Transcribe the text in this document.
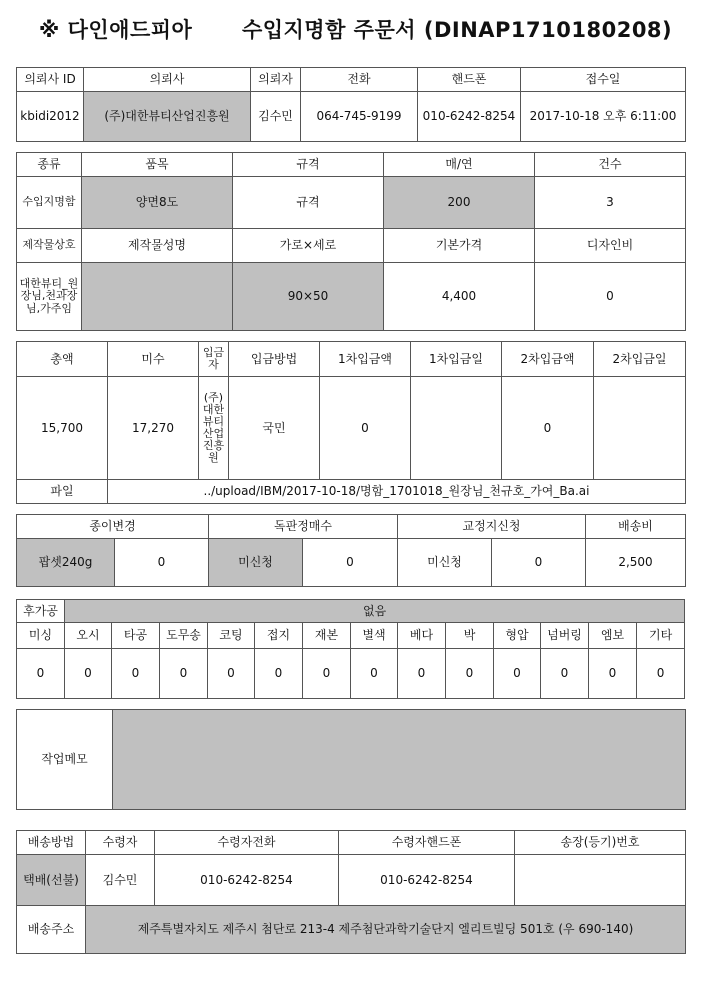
※ 다인애드피아 수입지명함 주문서 (DINAP1710180208)
의뢰사 ID	의뢰사	의뢰자	전화	핸드폰	접수일
kbidi2012	(주)대한뷰티산업진흥원	김수민	064-745-9199	010-6242-8254	2017-10-18 오후 6:11:00
종류	품목	규격	매/연	건수
수입지명함	양면8도	규격	200	3
제작물상호	제작물성명	가로×세로	기본가격	디자인비
대한뷰티_원장님,천과장님,가주임		90×50	4,400	0
총액	미수	입금자	입금방법	1차입금액	1차입금일	2차입금액	2차입금일
15,700	17,270	(주)대한뷰티산업진흥원	국민	0		0	
파일	../upload/IBM/2017-10-18/명함_1701018_원장님_천규호_가여_Ba.ai						
종이변경		독판정매수		교정지신청		배송비
팝셋240g	0	미신청	0	미신청	0	2,500
후가공	없음												
미싱	오시	타공	도무송	코팅	접지	재본	별색	베다	박	형압	넘버링	엠보	기타
0	0	0	0	0	0	0	0	0	0	0	0	0	0
작업메모	
배송방법	수령자	수령자전화	수령자핸드폰	송장(등기)번호
택배(선불)	김수민	010-6242-8254	010-6242-8254	
배송주소	제주특별자치도 제주시 첨단로 213-4 제주첨단과학기술단지 엘리트빌딩 501호 (우 690-140)			
